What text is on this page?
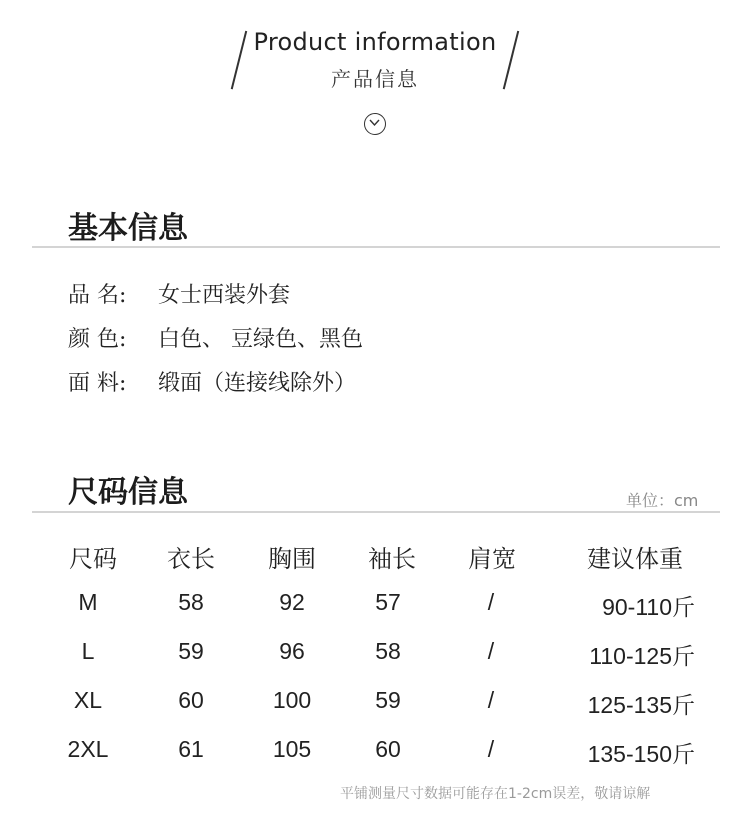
Product information
产品信息
基本信息
品 名: 女士西装外套
颜 色: 白色、 豆绿色、黑色
面 料: 缎面（连接线除外）
尺码信息	单位：cm
尺码	衣长	胸围	袖长	肩宽	建议体重
M	58	92	57	/	90-110斤
L	59	96	58	/	110-125斤
XL	60	100	59	/	125-135斤
2XL	61	105	60	/	135-150斤
平铺测量尺寸数据可能存在1-2cm误差，敬请谅解
